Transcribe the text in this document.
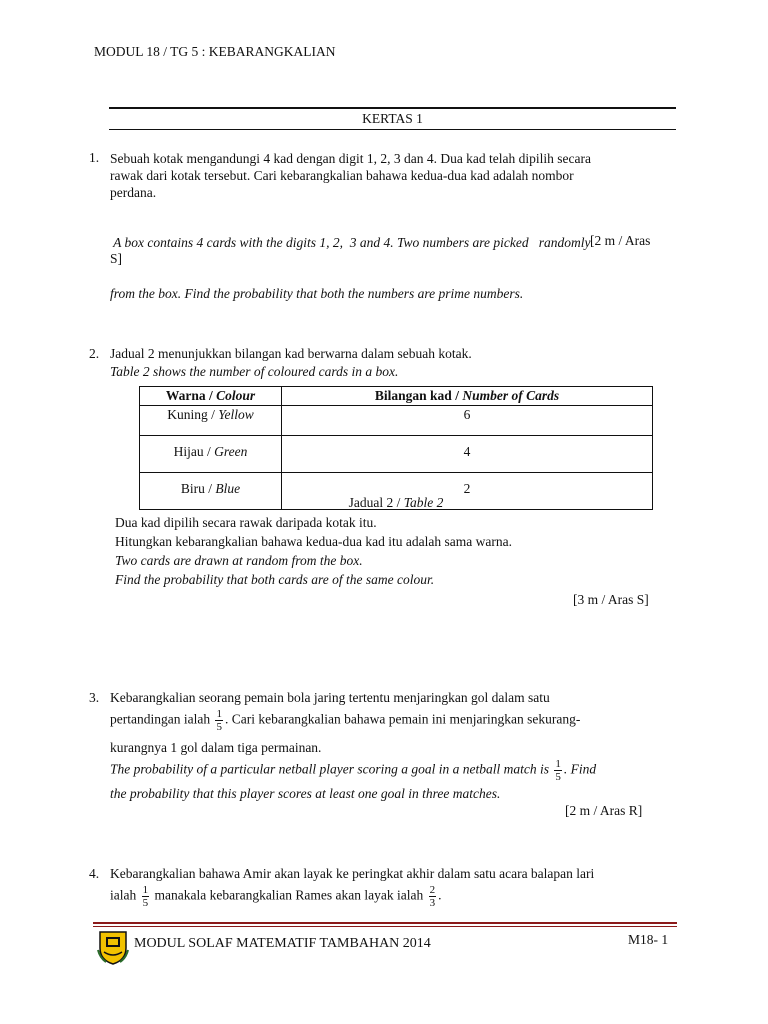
MODUL 18 / TG 5 : KEBARANGKALIAN
KERTAS 1
1. Sebuah kotak mengandungi 4 kad dengan digit 1, 2, 3 dan 4. Dua kad telah dipilih secara
rawak dari kotak tersebut. Cari kebarangkalian bahawa kedua-dua kad adalah nombor
perdana.

A box contains 4 cards with the digits 1, 2,  3 and 4. Two numbers are picked   randomly

from the box. Find the probability that both the numbers are prime numbers.

[2 m / Aras
S]
2. Jadual 2 menunjukkan bilangan kad berwarna dalam sebuah kotak.
Table 2 shows the number of coloured cards in a box.
Warna / Colour	Bilangan kad / Number of Cards
Kuning / Yellow	6
Hijau / Green	4
Biru / Blue	2
Jadual 2 / Table 2
Dua kad dipilih secara rawak daripada kotak itu.
Hitungkan kebarangkalian bahawa kedua-dua kad itu adalah sama warna.
Two cards are drawn at random from the box.
Find the probability that both cards are of the same colour.
[3 m / Aras S]
3. Kebarangkalian seorang pemain bola jaring tertentu menjaringkan gol dalam satu
pertandingan ialah $\frac{1}{5}$ . Cari kebarangkalian bahawa pemain ini menjaringkan sekurang-
kurangnya 1 gol dalam tiga permainan.
The probability of a particular netball player scoring a goal in a netball match is $\frac{1}{5}$ . Find
the probability that this player scores at least one goal in three matches.
[2 m / Aras R]
4. Kebarangkalian bahawa Amir akan layak ke peringkat akhir dalam satu acara balapan lari
ialah $\frac{1}{5}$ manakala kebarangkalian Rames akan layak ialah $\frac{2}{3}$ .
MODUL SOLAF MATEMATIF TAMBAHAN 2014	M18- 1
